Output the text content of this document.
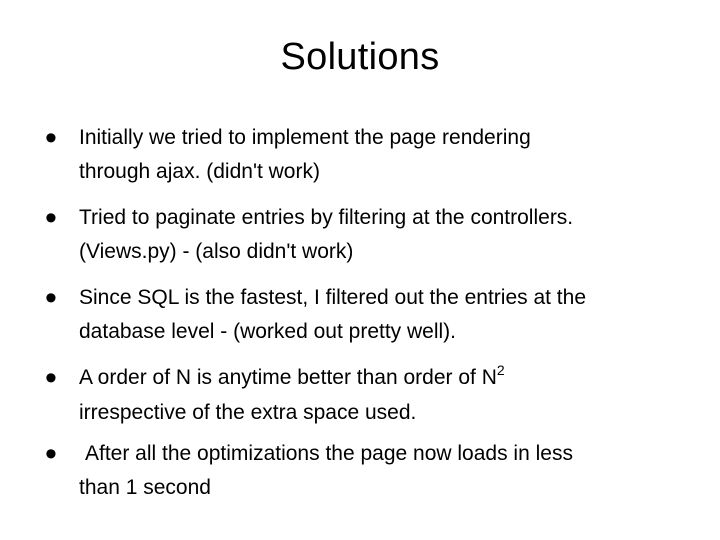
Solutions
•	Initially we tried to implement the page rendering
through ajax. (didn't work)
•	Tried to paginate entries by filtering at the controllers.
(Views.py) - (also didn't work)
•	Since SQL is the fastest, I filtered out the entries at the
database level - (worked out pretty well).
•	A order of N is anytime better than order of $N^2$
irrespective of the extra space used.
•	After all the optimizations the page now loads in less
than 1 second
